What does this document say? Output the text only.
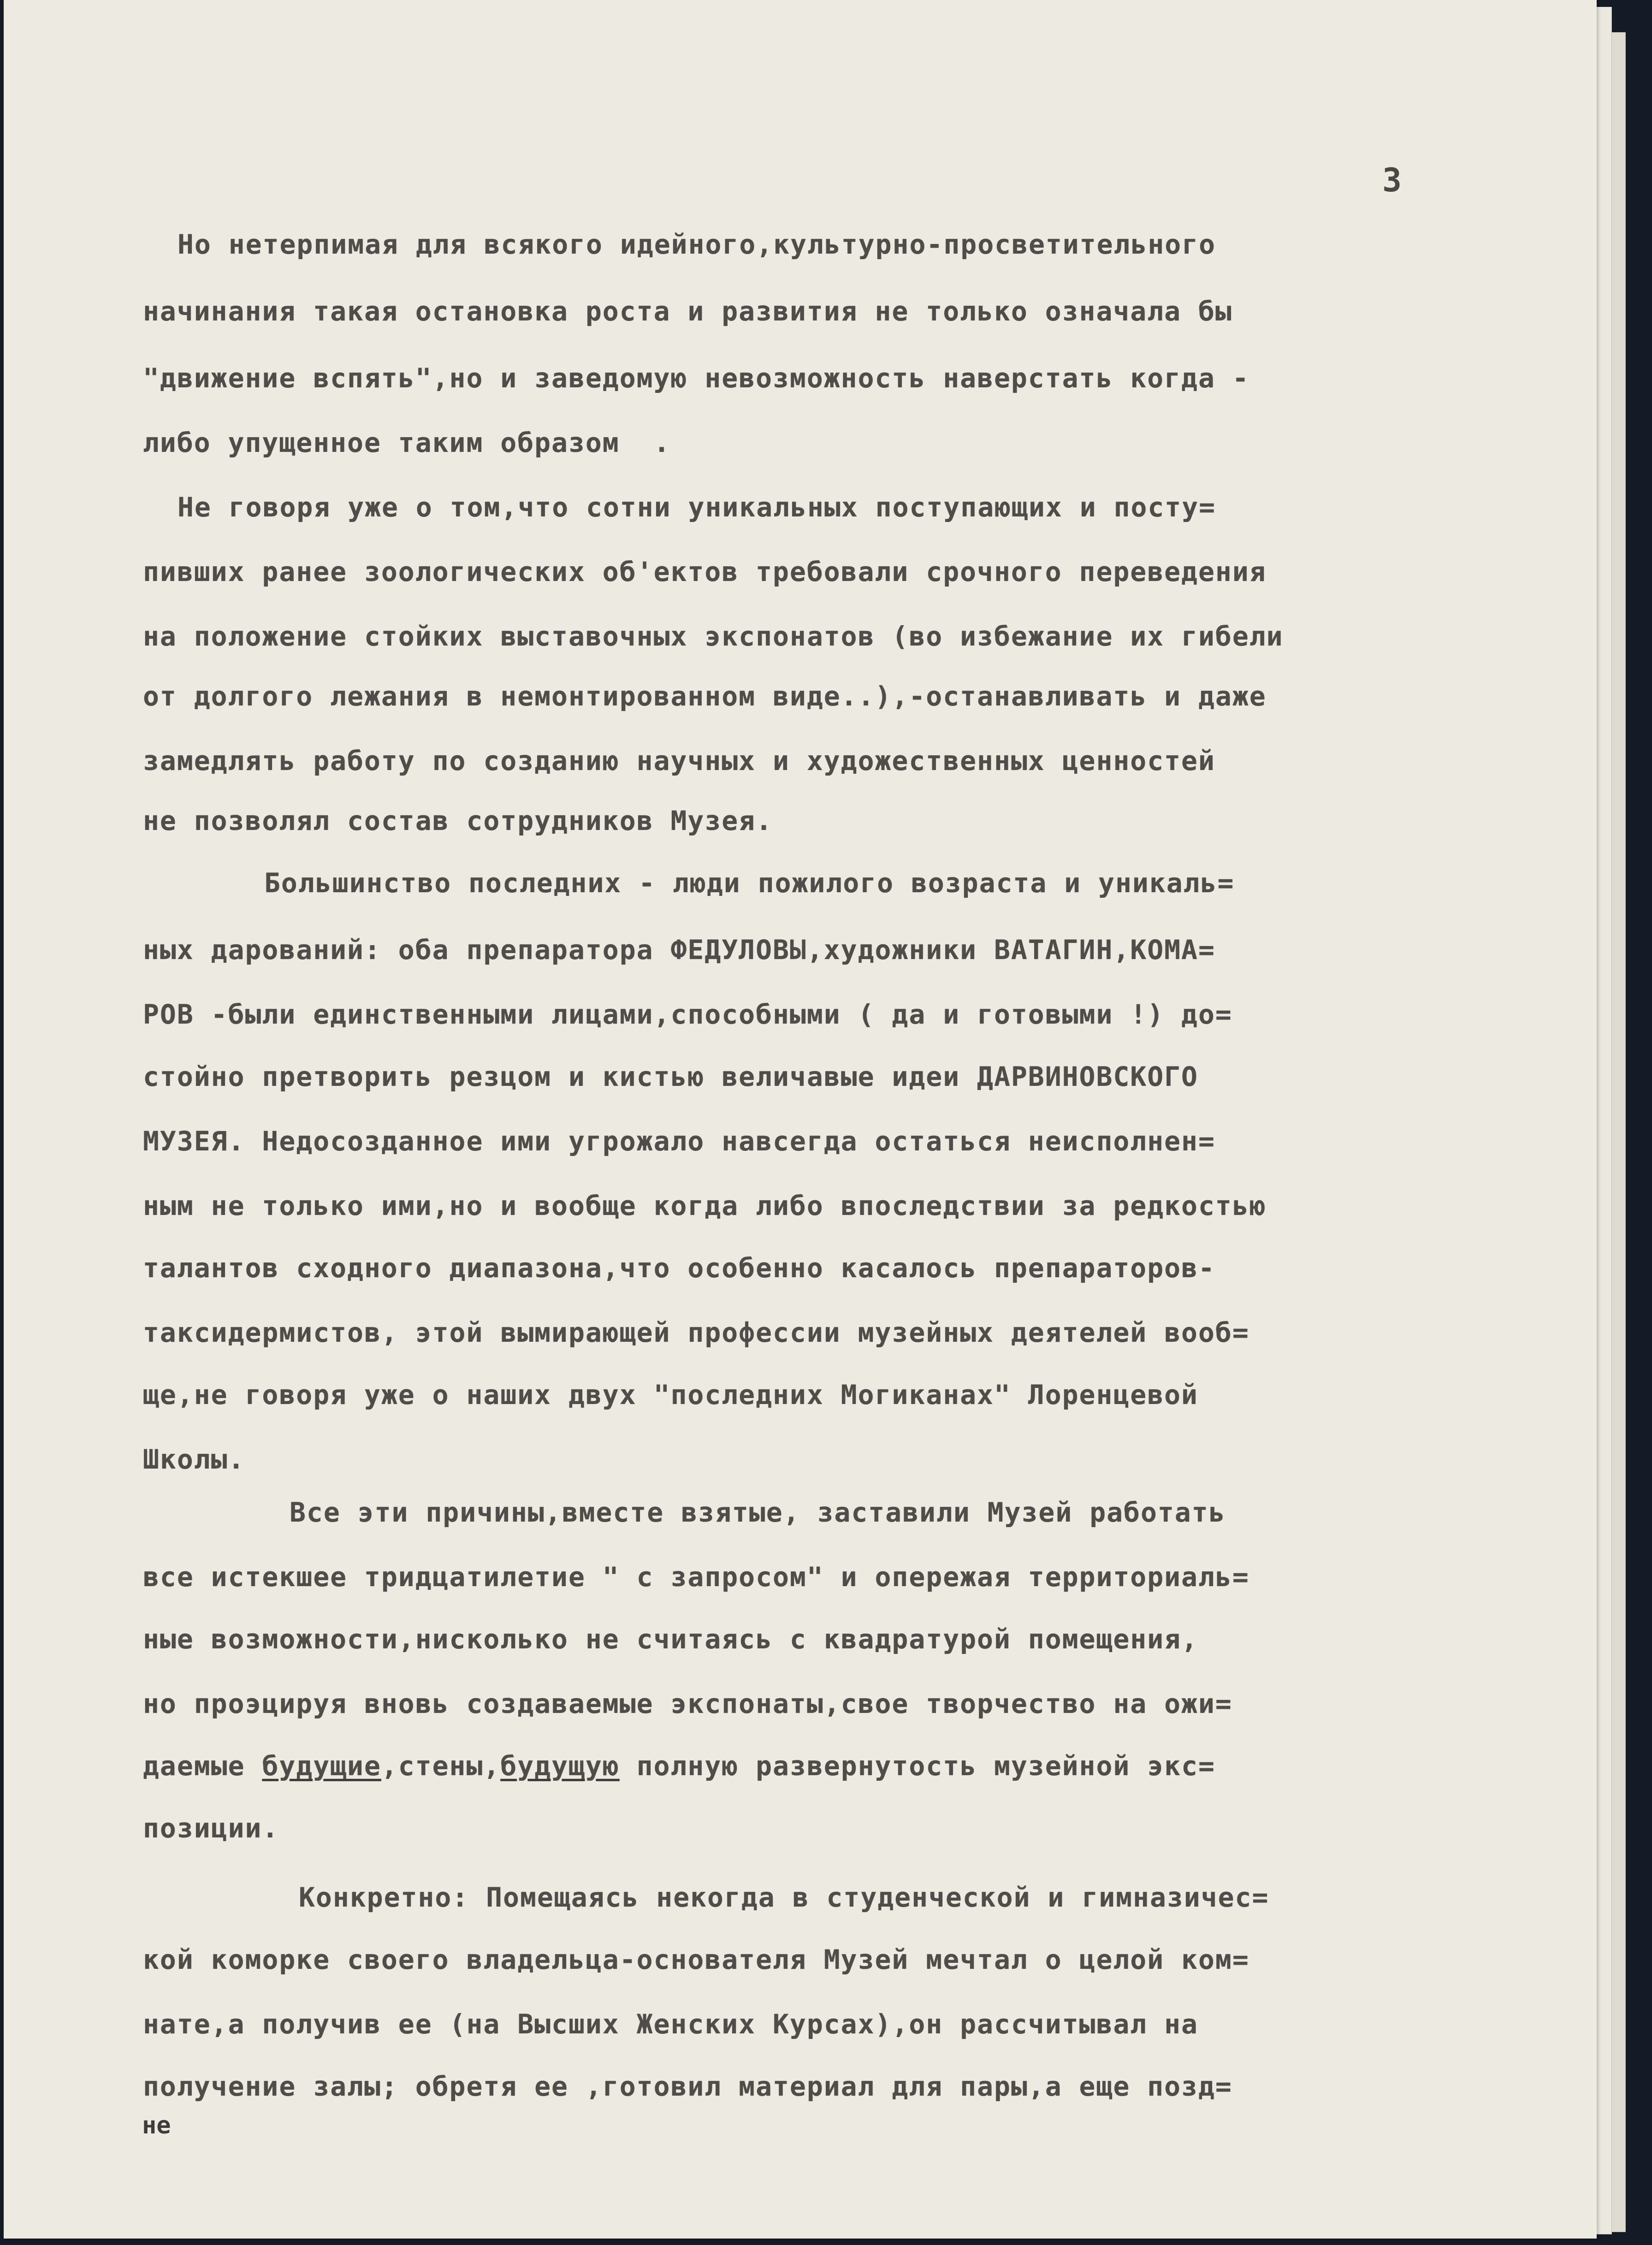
3
Но нетерпимая для всякого идейного,культурно-просветительного
начинания такая остановка роста и развития не только означала бы
"движение вспять",но и заведомую невозможность наверстать когда -
либо упущенное таким образом  .
Не говоря уже о том,что сотни уникальных поступающих и посту=
пивших ранее зоологических об'ектов требовали срочного переведения
на положение стойких выставочных экспонатов (во избежание их гибели
от долгого лежания в немонтированном виде..),-останавливать и даже
замедлять работу по созданию научных и художественных ценностей
не позволял состав сотрудников Музея.
Большинство последних - люди пожилого возраста и уникаль=
ных дарований: оба препаратора ФЕДУЛОВЫ,художники ВАТАГИН,КОМА=
РОВ -были единственными лицами,способными ( да и готовыми !) до=
стойно претворить резцом и кистью величавые идеи ДАРВИНОВСКОГО
МУЗЕЯ. Недосозданное ими угрожало навсегда остаться неисполнен=
ным не только ими,но и вообще когда либо впоследствии за редкостью
талантов сходного диапазона,что особенно касалось препараторов-
таксидермистов, этой вымирающей профессии музейных деятелей вооб=
ще,не говоря уже о наших двух "последних Могиканах" Лоренцевой
Школы.
Все эти причины,вместе взятые, заставили Музей работать
все истекшее тридцатилетие " с запросом" и опережая территориаль=
ные возможности,нисколько не считаясь с квадратурой помещения,
но проэцируя вновь создаваемые экспонаты,свое творчество на ожи=
даемые будущие,стены,будущую полную развернутость музейной экс=
позиции.
Конкретно: Помещаясь некогда в студенческой и гимназичес=
кой коморке своего владельца-основателя Музей мечтал о целой ком=
нате,а получив ее (на Высших Женских Курсах),он рассчитывал на
получение залы; обретя ее ,готовил материал для пары,а еще позд=
не
